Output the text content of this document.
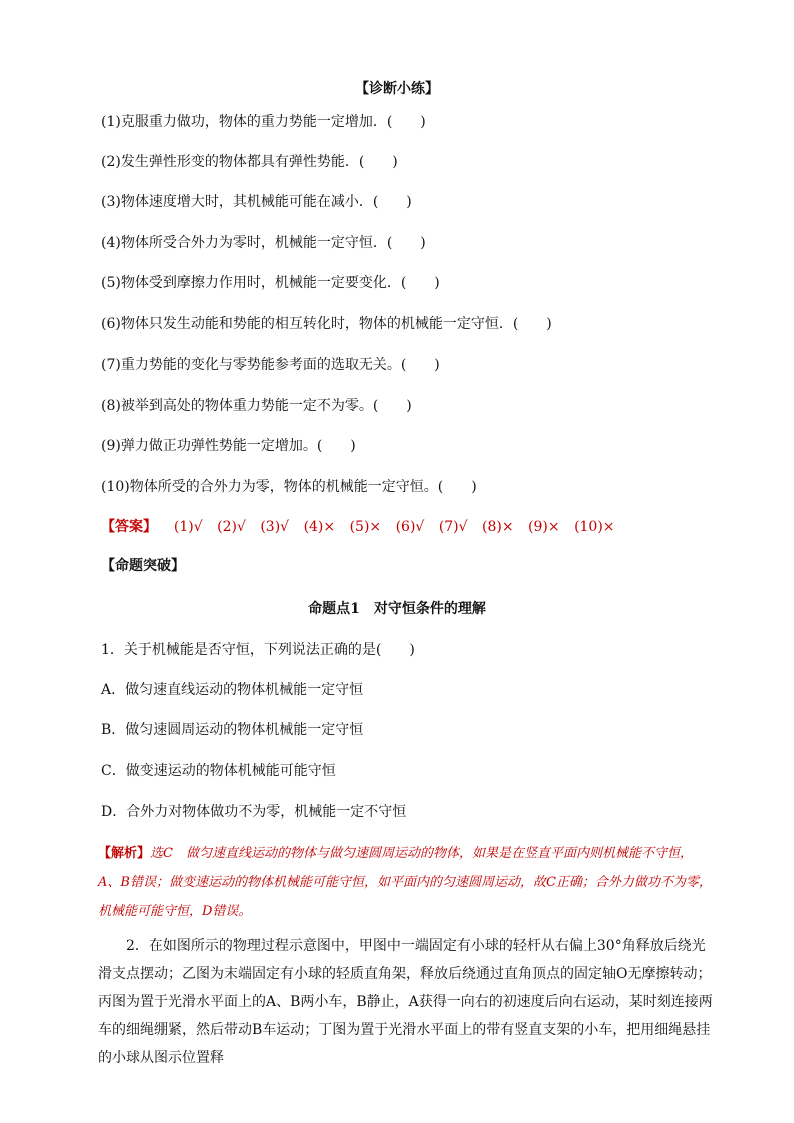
【诊断小练】
(1)克服重力做功，物体的重力势能一定增加．(　　)
(2)发生弹性形变的物体都具有弹性势能．(　　)
(3)物体速度增大时，其机械能可能在减小．(　　)
(4)物体所受合外力为零时，机械能一定守恒．(　　)
(5)物体受到摩擦力作用时，机械能一定要变化．(　　)
(6)物体只发生动能和势能的相互转化时，物体的机械能一定守恒．(　　)
(7)重力势能的变化与零势能参考面的选取无关。(　　)
(8)被举到高处的物体重力势能一定不为零。(　　)
(9)弹力做正功弹性势能一定增加。(　　)
(10)物体所受的合外力为零，物体的机械能一定守恒。(　　)
【答案】 (1)√ (2)√ (3)√ (4)× (5)× (6)√ (7)√ (8)× (9)× (10)×
【命题突破】
命题点1　对守恒条件的理解
1．关于机械能是否守恒，下列说法正确的是(　　)
A．做匀速直线运动的物体机械能一定守恒
B．做匀速圆周运动的物体机械能一定守恒
C．做变速运动的物体机械能可能守恒
D．合外力对物体做功不为零，机械能一定不守恒
【解析】选C　做匀速直线运动的物体与做匀速圆周运动的物体，如果是在竖直平面内则机械能不守恒，A、B错误；做变速运动的物体机械能可能守恒，如平面内的匀速圆周运动，故C正确；合外力做功不为零，机械能可能守恒，D错误。
2．在如图所示的物理过程示意图中，甲图中一端固定有小球的轻杆从右偏上30°角释放后绕光滑支点摆动；乙图为末端固定有小球的轻质直角架，释放后绕通过直角顶点的固定轴O无摩擦转动；丙图为置于光滑水平面上的A、B两小车，B静止，A获得一向右的初速度后向右运动，某时刻连接两车的细绳绷紧，然后带动B车运动；丁图为置于光滑水平面上的带有竖直支架的小车，把用细绳悬挂的小球从图示位置释
